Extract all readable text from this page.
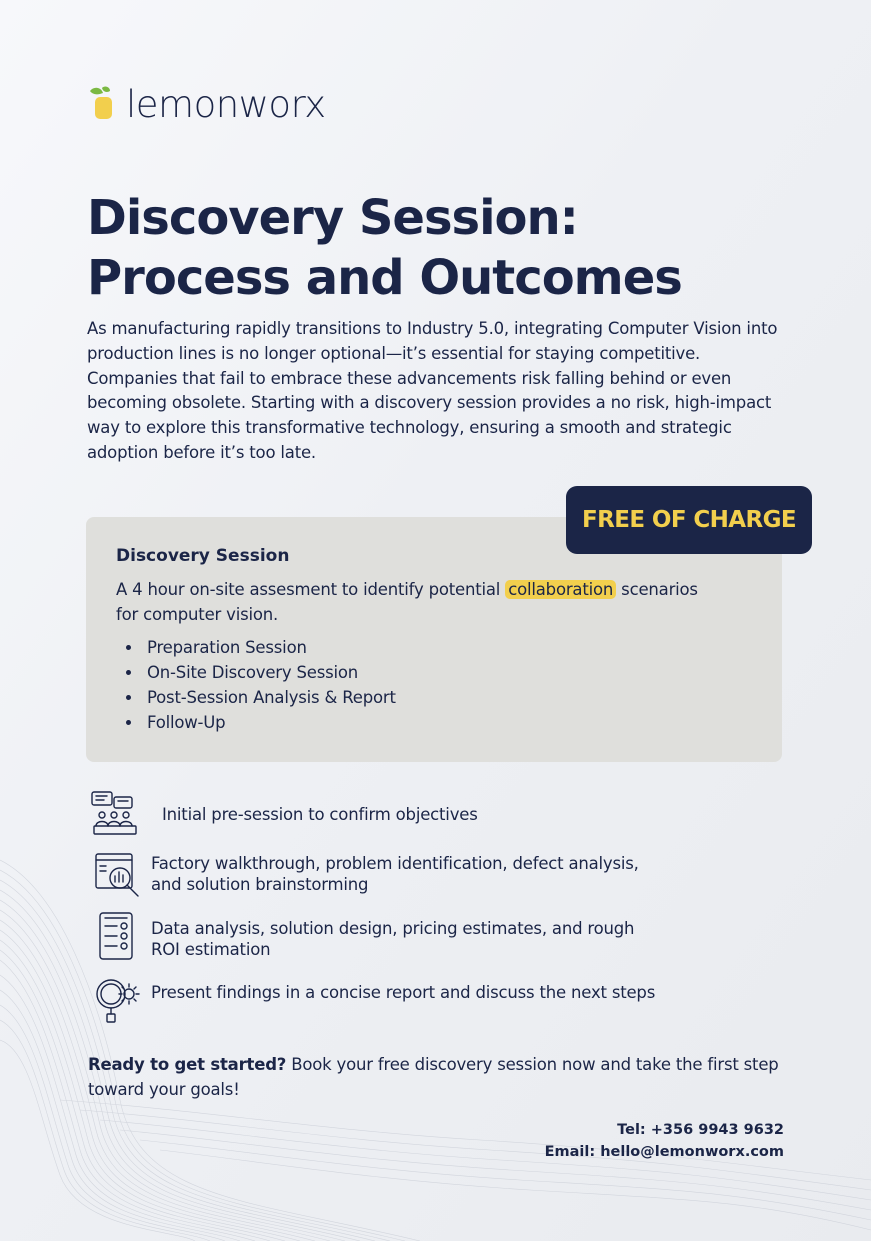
lemonworx
Discovery Session:
Process and Outcomes

As manufacturing rapidly transitions to Industry 5.0, integrating Computer Vision into production lines is no longer optional—it’s essential for staying competitive. Companies that fail to embrace these advancements risk falling behind or even becoming obsolete. Starting with a discovery session provides a no risk, high-impact way to explore this transformative technology, ensuring a smooth and strategic adoption before it’s too late.

Discovery Session
A 4 hour on-site assesment to identify potential collaboration scenarios for computer vision.
Preparation Session
On-Site Discovery Session
Post-Session Analysis & Report
Follow-Up
FREE OF CHARGE
Initial pre-session to confirm objectives
Factory walkthrough, problem identification, defect analysis, and solution brainstorming
Data analysis, solution design, pricing estimates, and rough ROI estimation
Present findings in a concise report and discuss the next steps

Ready to get started? Book your free discovery session now and take the first step toward your goals!

Tel: +356 9943 9632
Email: hello@lemonworx.com
